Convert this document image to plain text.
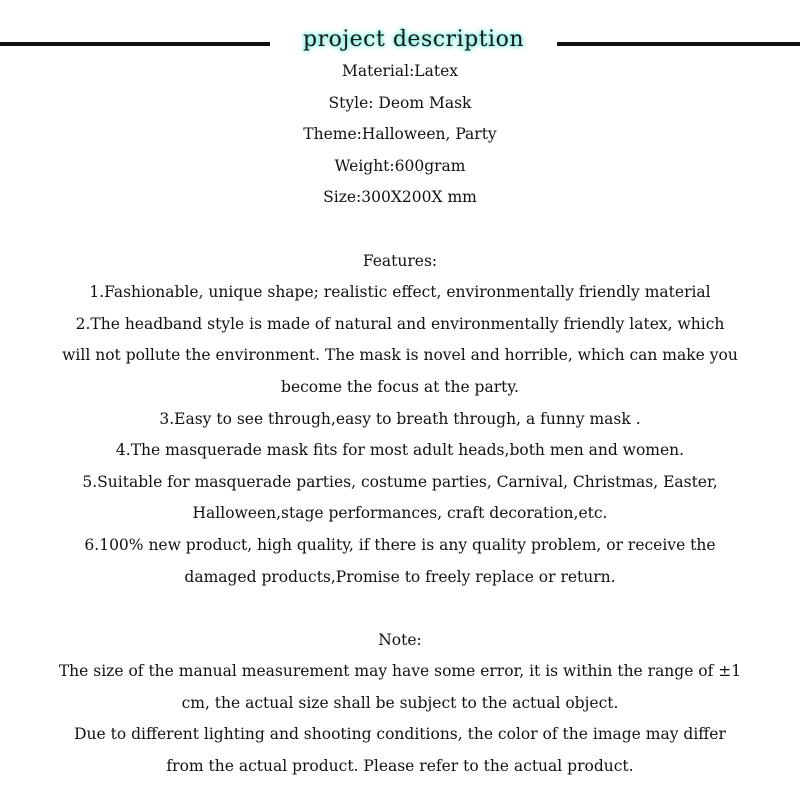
project description
Material:Latex
Style: Deom Mask
Theme:Halloween, Party
Weight:600gram
Size:300X200X mm
Features:
1.Fashionable, unique shape; realistic effect, environmentally friendly material
2.The headband style is made of natural and environmentally friendly latex, which
will not pollute the environment. The mask is novel and horrible, which can make you
become the focus at the party.
3.Easy to see through,easy to breath through, a funny mask .
4.The masquerade mask fits for most adult heads,both men and women.
5.Suitable for masquerade parties, costume parties, Carnival, Christmas, Easter,
Halloween,stage performances, craft decoration,etc.
6.100% new product, high quality, if there is any quality problem, or receive the
damaged products,Promise to freely replace or return.
Note:
The size of the manual measurement may have some error, it is within the range of ±1
cm, the actual size shall be subject to the actual object.
Due to different lighting and shooting conditions, the color of the image may differ
from the actual product. Please refer to the actual product.
